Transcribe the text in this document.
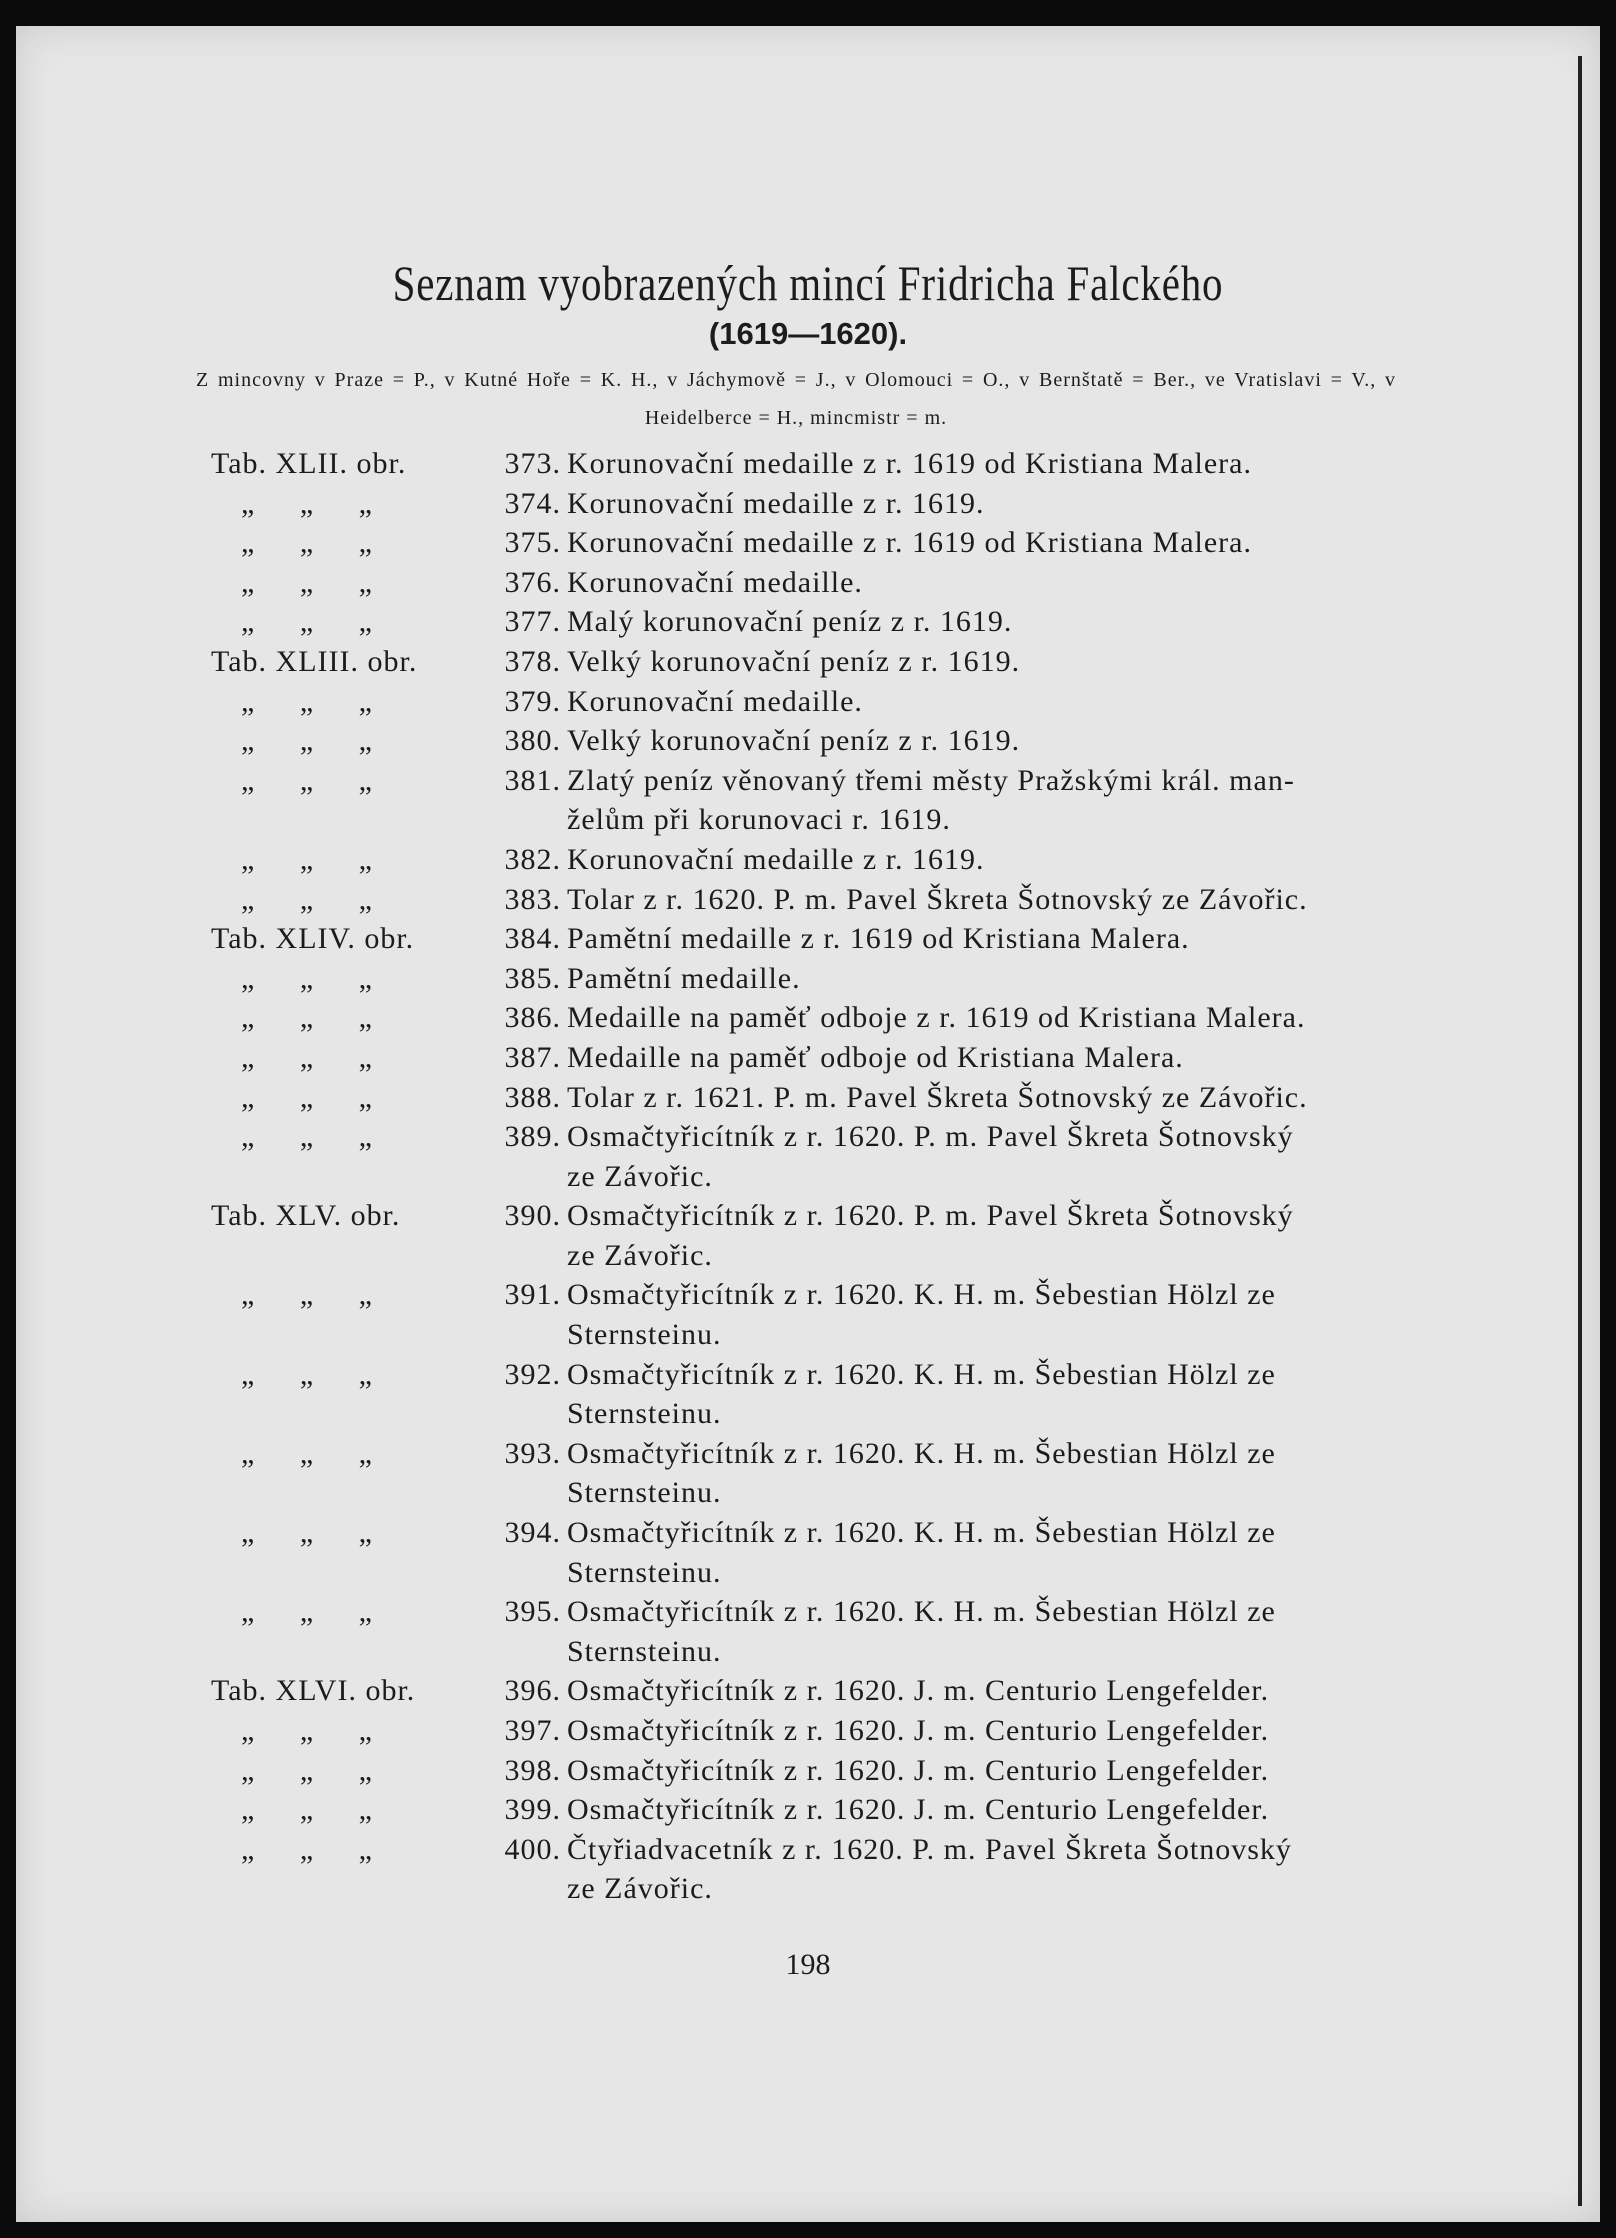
Seznam vyobrazených mincí Fridricha Falckého
(1619—1620).
Z mincovny v Praze = P., v Kutné Hoře = K. H., v Jáchymově = J., v Olomouci = O., v Bernštatě = Ber., ve Vratislavi = V., v Heidelberce = H., mincmistr = m.
Tab. XLII. obr.	373. Korunovační medaille z r. 1619 od Kristiana Malera.
„ „ „	374. Korunovační medaille z r. 1619.
„ „ „	375. Korunovační medaille z r. 1619 od Kristiana Malera.
„ „ „	376. Korunovační medaille.
„ „ „	377. Malý korunovační peníz z r. 1619.
Tab. XLIII. obr.	378. Velký korunovační peníz z r. 1619.
„ „ „	379. Korunovační medaille.
„ „ „	380. Velký korunovační peníz z r. 1619.
„ „ „	381. Zlatý peníz věnovaný třemi městy Pražskými král. man-
želům při korunovaci r. 1619.
„ „ „	382. Korunovační medaille z r. 1619.
„ „ „	383. Tolar z r. 1620. P. m. Pavel Škreta Šotnovský ze Závořic.
Tab. XLIV. obr.	384. Pamětní medaille z r. 1619 od Kristiana Malera.
„ „ „	385. Pamětní medaille.
„ „ „	386. Medaille na paměť odboje z r. 1619 od Kristiana Malera.
„ „ „	387. Medaille na paměť odboje od Kristiana Malera.
„ „ „	388. Tolar z r. 1621. P. m. Pavel Škreta Šotnovský ze Závořic.
„ „ „	389. Osmačtyřicítník z r. 1620. P. m. Pavel Škreta Šotnovský
ze Závořic.
Tab. XLV. obr.	390. Osmačtyřicítník z r. 1620. P. m. Pavel Škreta Šotnovský
ze Závořic.
„ „ „	391. Osmačtyřicítník z r. 1620. K. H. m. Šebestian Hölzl ze
Sternsteinu.
„ „ „	392. Osmačtyřicítník z r. 1620. K. H. m. Šebestian Hölzl ze
Sternsteinu.
„ „ „	393. Osmačtyřicítník z r. 1620. K. H. m. Šebestian Hölzl ze
Sternsteinu.
„ „ „	394. Osmačtyřicítník z r. 1620. K. H. m. Šebestian Hölzl ze
Sternsteinu.
„ „ „	395. Osmačtyřicítník z r. 1620. K. H. m. Šebestian Hölzl ze
Sternsteinu.
Tab. XLVI. obr.	396. Osmačtyřicítník z r. 1620. J. m. Centurio Lengefelder.
„ „ „	397. Osmačtyřicítník z r. 1620. J. m. Centurio Lengefelder.
„ „ „	398. Osmačtyřicítník z r. 1620. J. m. Centurio Lengefelder.
„ „ „	399. Osmačtyřicítník z r. 1620. J. m. Centurio Lengefelder.
„ „ „	400. Čtyřiadvacetník z r. 1620. P. m. Pavel Škreta Šotnovský
ze Závořic.
198
